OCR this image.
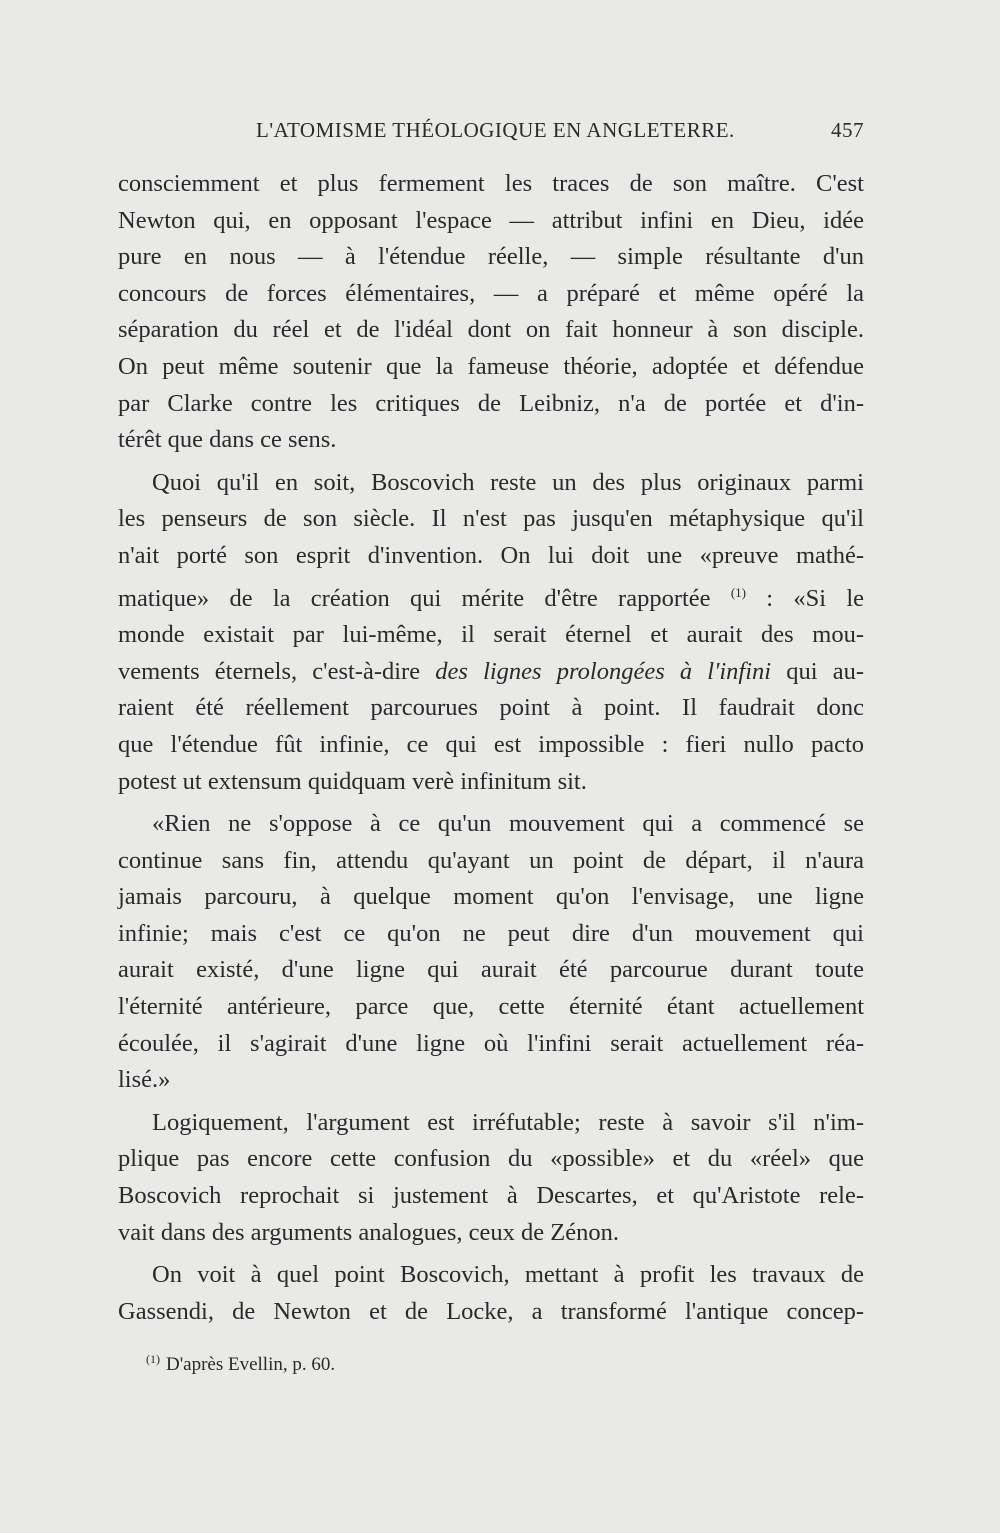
L'ATOMISME THÉOLOGIQUE EN ANGLETERRE.	457

consciemment et plus fermement les traces de son maître. C'est
Newton qui, en opposant l'espace — attribut infini en Dieu, idée
pure en nous — à l'étendue réelle, — simple résultante d'un
concours de forces élémentaires, — a préparé et même opéré la
séparation du réel et de l'idéal dont on fait honneur à son disciple.
On peut même soutenir que la fameuse théorie, adoptée et défendue
par Clarke contre les critiques de Leibniz, n'a de portée et d'in-
térêt que dans ce sens.

Quoi qu'il en soit, Boscovich reste un des plus originaux parmi
les penseurs de son siècle. Il n'est pas jusqu'en métaphysique qu'il
n'ait porté son esprit d'invention. On lui doit une «preuve mathé-
matique» de la création qui mérite d'être rapportée $^{(1)}$ : «Si le
monde existait par lui-même, il serait éternel et aurait des mou-
vements éternels, c'est-à-dire des lignes prolongées à l'infini qui au-
raient été réellement parcourues point à point. Il faudrait donc
que l'étendue fût infinie, ce qui est impossible : fieri nullo pacto
potest ut extensum quidquam verè infinitum sit.

«Rien ne s'oppose à ce qu'un mouvement qui a commencé se
continue sans fin, attendu qu'ayant un point de départ, il n'aura
jamais parcouru, à quelque moment qu'on l'envisage, une ligne
infinie; mais c'est ce qu'on ne peut dire d'un mouvement qui
aurait existé, d'une ligne qui aurait été parcourue durant toute
l'éternité antérieure, parce que, cette éternité étant actuellement
écoulée, il s'agirait d'une ligne où l'infini serait actuellement réa-
lisé.»

Logiquement, l'argument est irréfutable; reste à savoir s'il n'im-
plique pas encore cette confusion du «possible» et du «réel» que
Boscovich reprochait si justement à Descartes, et qu'Aristote rele-
vait dans des arguments analogues, ceux de Zénon.

On voit à quel point Boscovich, mettant à profit les travaux de
Gassendi, de Newton et de Locke, a transformé l'antique concep-

$^{(1)}$ D'après Evellin, p. 60.
